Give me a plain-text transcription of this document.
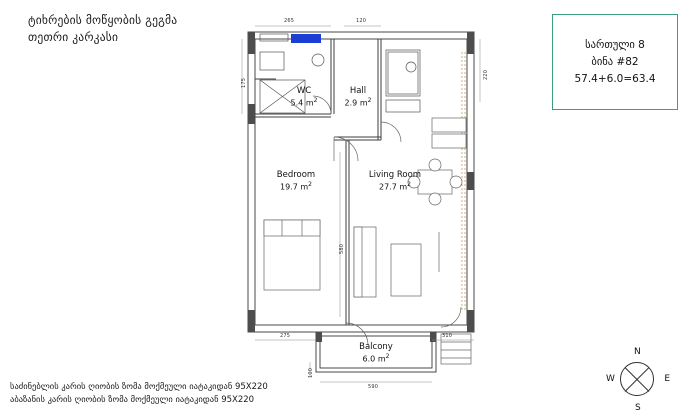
ტიხრების მოწყობის გეგმა
თეთრი კარკასი
სართული 8
ბინა #82
57.4+6.0=63.4
WC
5.4 $m^2$
Hall
2.9 $m^2$
Bedroom
19.7 $m^2$
Living Room
27.7 $m^2$
Balcony
6.0 $m^2$
265	120
220
175
580
275	310
100
590
საძინებლის კარის ღიობის ზომა მოქმეული იატაკიდან 95X220
აბაზანის კარის ღიობის ზომა მოქმეული იატაკიდან 95X220
N
S
W	E
